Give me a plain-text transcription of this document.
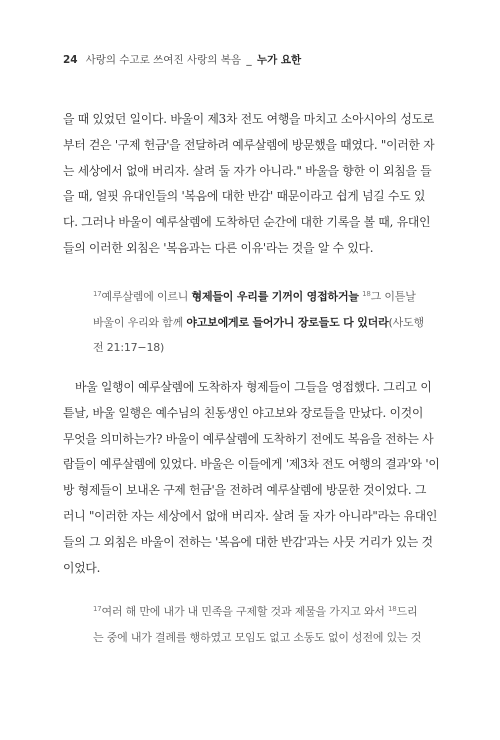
24 사랑의 수고로 쓰여진 사랑의 복음 _ 누가 요한
을 때 있었던 일이다. 바울이 제3차 전도 여행을 마치고 소아시아의 성도로
부터 걷은 '구제 헌금'을 전달하려 예루살렘에 방문했을 때였다. "이러한 자
는 세상에서 없애 버리자. 살려 둘 자가 아니라." 바울을 향한 이 외침을 들
을 때, 얼핏 유대인들의 '복음에 대한 반감' 때문이라고 쉽게 넘길 수도 있
다. 그러나 바울이 예루살렘에 도착하던 순간에 대한 기록을 볼 때, 유대인
들의 이러한 외침은 '복음과는 다른 이유'라는 것을 알 수 있다.
$^{17}$예루살렘에 이르니 형제들이 우리를 기꺼이 영접하거늘 $^{18}$그 이튿날
바울이 우리와 함께 야고보에게로 들어가니 장로들도 다 있더라(사도행
전 21:17−18)
바울 일행이 예루살렘에 도착하자 형제들이 그들을 영접했다. 그리고 이
튿날, 바울 일행은 예수님의 친동생인 야고보와 장로들을 만났다. 이것이
무엇을 의미하는가? 바울이 예루살렘에 도착하기 전에도 복음을 전하는 사
람들이 예루살렘에 있었다. 바울은 이들에게 '제3차 전도 여행의 결과'와 '이
방 형제들이 보내온 구제 헌금'을 전하려 예루살렘에 방문한 것이었다. 그
러니 "이러한 자는 세상에서 없애 버리자. 살려 둘 자가 아니라"라는 유대인
들의 그 외침은 바울이 전하는 '복음에 대한 반감'과는 사뭇 거리가 있는 것
이었다.
$^{17}$여러 해 만에 내가 내 민족을 구제할 것과 제물을 가지고 와서 $^{18}$드리
는 중에 내가 결례를 행하였고 모임도 없고 소동도 없이 성전에 있는 것
